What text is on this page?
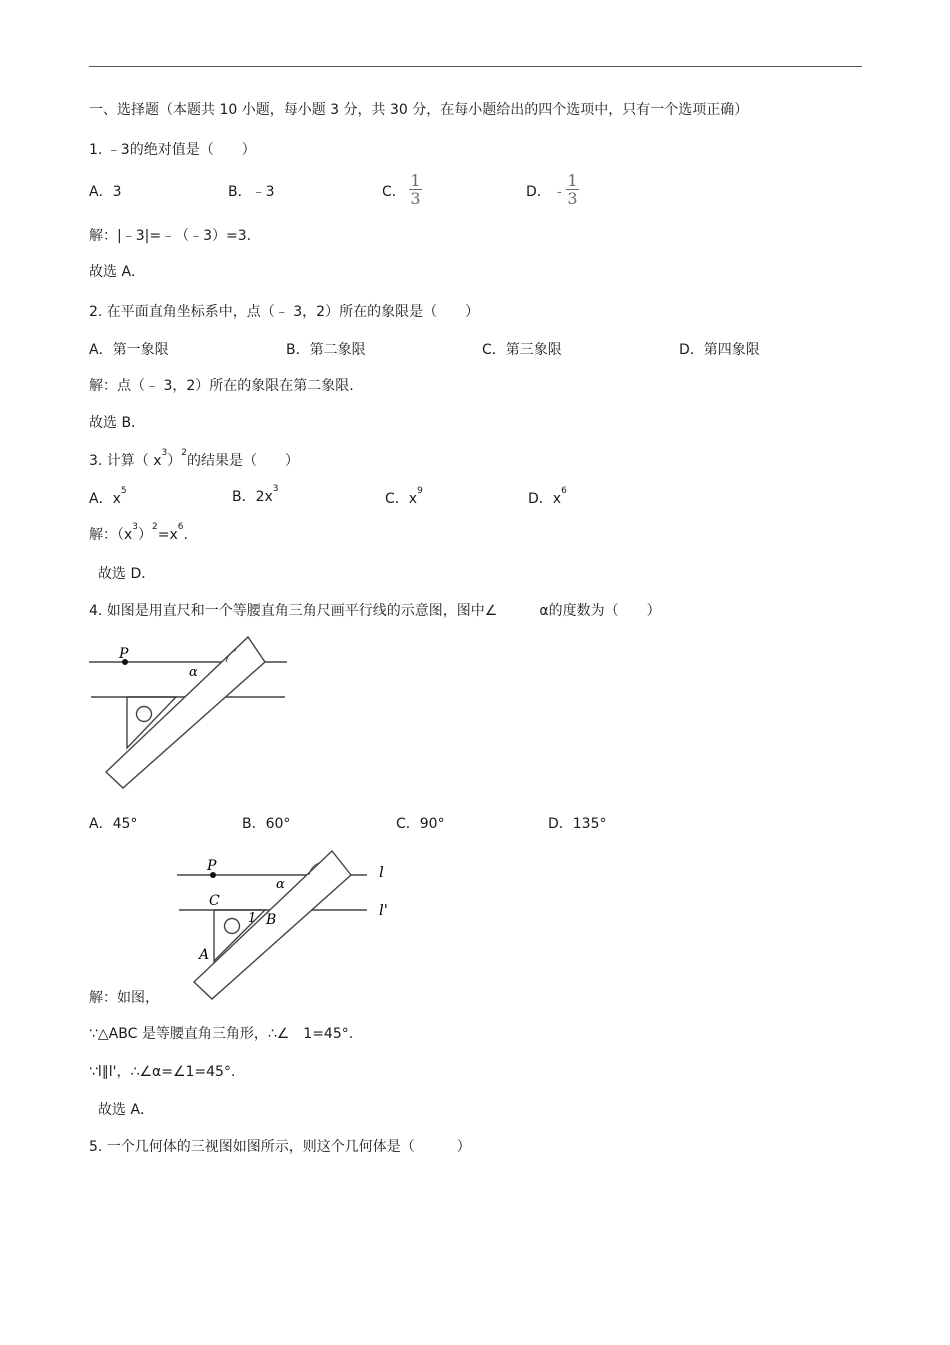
一、选择题（本题共 10 小题，每小题 3 分，共 30 分，在每小题给出的四个选项中，只有一个选项正确）
1. ﹣3的绝对值是（　　）
A．3	B．﹣3	C．
1
3	D． -
1
3
解：|﹣3|=﹣（﹣3）=3.
故选 A．
2. 在平面直角坐标系中，点（﹣ 3，2）所在的象限是（　　）
A．第一象限	B．第二象限	C．第三象限	D．第四象限
解：点（﹣ 3，2）所在的象限在第二象限.
故选 B．
3. 计算（ $x^3)^2$的结果是（　　）
A．$x^5$	B．$2x^3$
C．$x^9$	D．$x^6$
解：$(x^3)^2=x^6$.
故选 D．
4. 如图是用直尺和一个等腰直角三角尺画平行线的示意图，图中∠　　　α的度数为（　　）
P
α
A．45°	B．60°	C．90°	D．135°
P
α
C
1 B
A
l
l'
解：如图，
∵△ABC 是等腰直角三角形，∴∠　1=45°.
∵l∥l'，∴∠α=∠1=45°.
故选 A．
5. 一个几何体的三视图如图所示，则这个几何体是（　　　）
